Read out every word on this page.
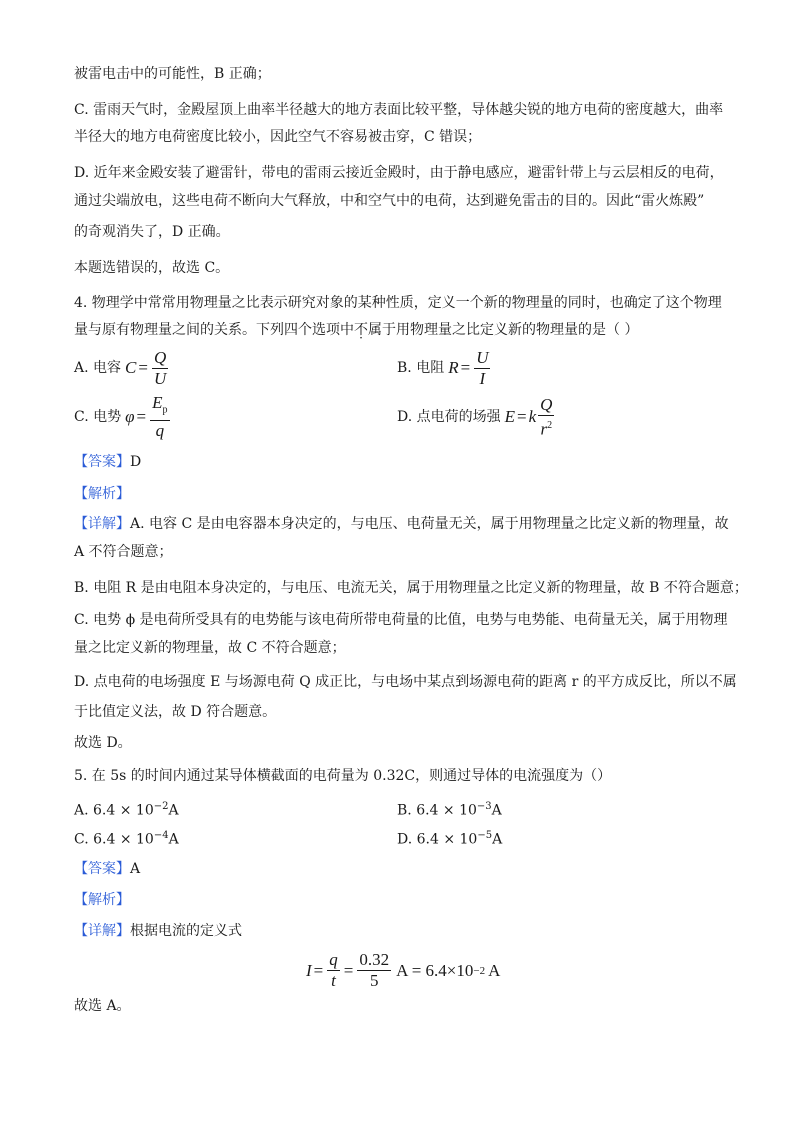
被雷电击中的可能性，B 正确；
C. 雷雨天气时，金殿屋顶上曲率半径越大的地方表面比较平整，导体越尖锐的地方电荷的密度越大，曲率
半径大的地方电荷密度比较小，因此空气不容易被击穿，C 错误；
D. 近年来金殿安装了避雷针，带电的雷雨云接近金殿时，由于静电感应，避雷针带上与云层相反的电荷，
通过尖端放电，这些电荷不断向大气释放，中和空气中的电荷，达到避免雷击的目的。因此“雷火炼殿”
的奇观消失了，D 正确。
本题选错误的，故选 C。
4. 物理学中常常用物理量之比表示研究对象的某种性质，定义一个新的物理量的同时，也确定了这个物理
量与原有物理量之间的关系。下列四个选项中不属于用物理量之比定义新的物理量的是（ ）
A. 电容 $C = \frac{Q}{U}$	B. 电阻 $R = \frac{U}{I}$
C. 电势 $\varphi = \frac{E_p}{q}$	D. 点电荷的场强 E = k $\frac{Q}{r^2}$
【答案】D
【解析】
【详解】A. 电容 C 是由电容器本身决定的，与电压、电荷量无关，属于用物理量之比定义新的物理量，故
A 不符合题意；
B. 电阻 R 是由电阻本身决定的，与电压、电流无关，属于用物理量之比定义新的物理量，故 B 不符合题意；
C. 电势 ϕ 是电荷所受具有的电势能与该电荷所带电荷量的比值，电势与电势能、电荷量无关，属于用物理
量之比定义新的物理量，故 C 不符合题意；
D. 点电荷的电场强度 E 与场源电荷 Q 成正比，与电场中某点到场源电荷的距离 r 的平方成反比，所以不属
于比值定义法，故 D 符合题意。
故选 D。
5. 在 5s 的时间内通过某导体横截面的电荷量为 0.32C，则通过导体的电流强度为（）
A. $6.4 \times 10^{-2}A$	B. $6.4 \times 10^{-3}A$
C. $6.4 \times 10^{-4}A$	D. $6.4 \times 10^{-5}A$
【答案】A
【解析】
【详解】根据电流的定义式
$I = \frac{q}{t} = \frac{0.32}{5}$ A = 6.4×10 −2 A
故选 A。
